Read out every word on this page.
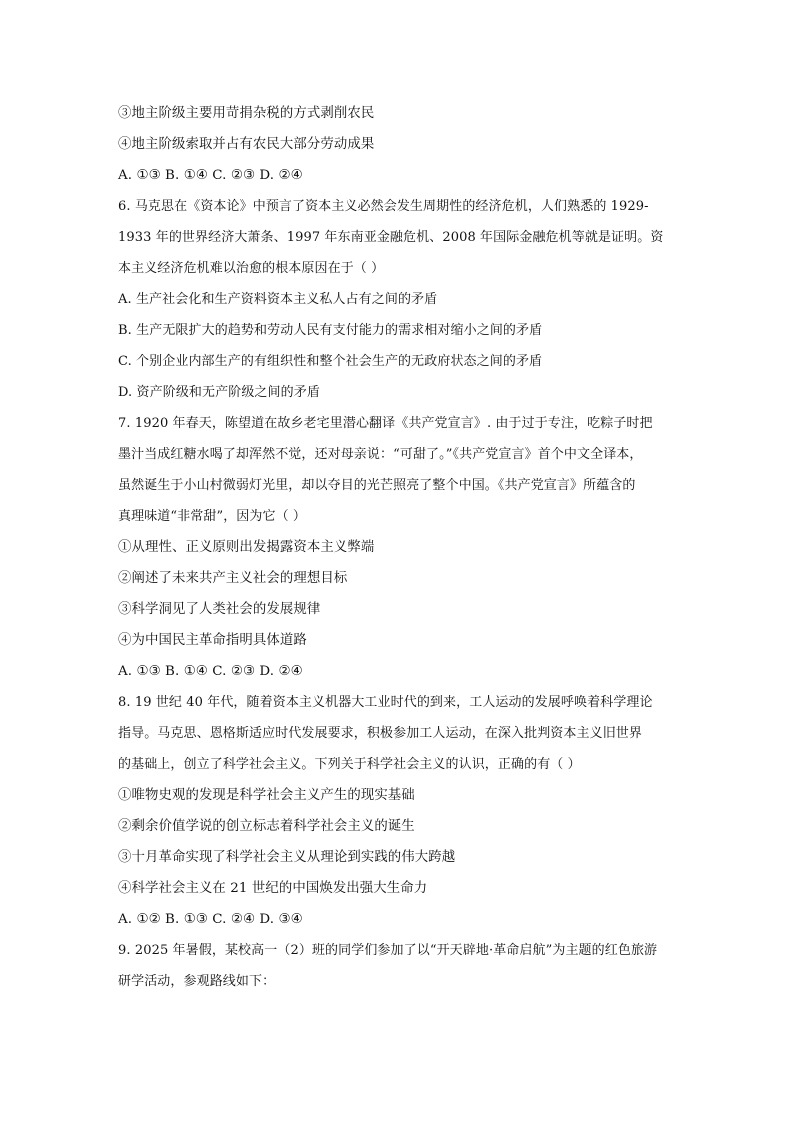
③地主阶级主要用苛捐杂税的方式剥削农民
④地主阶级索取并占有农民大部分劳动成果
A. ①③ B. ①④ C. ②③ D. ②④
6. 马克思在《资本论》中预言了资本主义必然会发生周期性的经济危机，人们熟悉的 1929-
1933 年的世界经济大萧条、1997 年东南亚金融危机、2008 年国际金融危机等就是证明。资
本主义经济危机难以治愈的根本原因在于（ ）
A. 生产社会化和生产资料资本主义私人占有之间的矛盾
B. 生产无限扩大的趋势和劳动人民有支付能力的需求相对缩小之间的矛盾
C. 个别企业内部生产的有组织性和整个社会生产的无政府状态之间的矛盾
D. 资产阶级和无产阶级之间的矛盾
7. 1920 年春天，陈望道在故乡老宅里潜心翻译《共产党宣言》. 由于过于专注，吃粽子时把
墨汁当成红糖水喝了却浑然不觉，还对母亲说：“可甜了。”《共产党宣言》首个中文全译本，
虽然诞生于小山村微弱灯光里，却以夺目的光芒照亮了整个中国。《共产党宣言》所蕴含的
真理味道“非常甜”，因为它（ ）
①从理性、正义原则出发揭露资本主义弊端
②阐述了未来共产主义社会的理想目标
③科学洞见了人类社会的发展规律
④为中国民主革命指明具体道路
A. ①③ B. ①④ C. ②③ D. ②④
8. 19 世纪 40 年代，随着资本主义机器大工业时代的到来，工人运动的发展呼唤着科学理论
指导。马克思、恩格斯适应时代发展要求，积极参加工人运动，在深入批判资本主义旧世界
的基础上，创立了科学社会主义。下列关于科学社会主义的认识，正确的有（ ）
①唯物史观的发现是科学社会主义产生的现实基础
②剩余价值学说的创立标志着科学社会主义的诞生
③十月革命实现了科学社会主义从理论到实践的伟大跨越
④科学社会主义在 21 世纪的中国焕发出强大生命力
A. ①② B. ①③ C. ②④ D. ③④
9. 2025 年暑假，某校高一（2）班的同学们参加了以“开天辟地·革命启航”为主题的红色旅游
研学活动，参观路线如下：
